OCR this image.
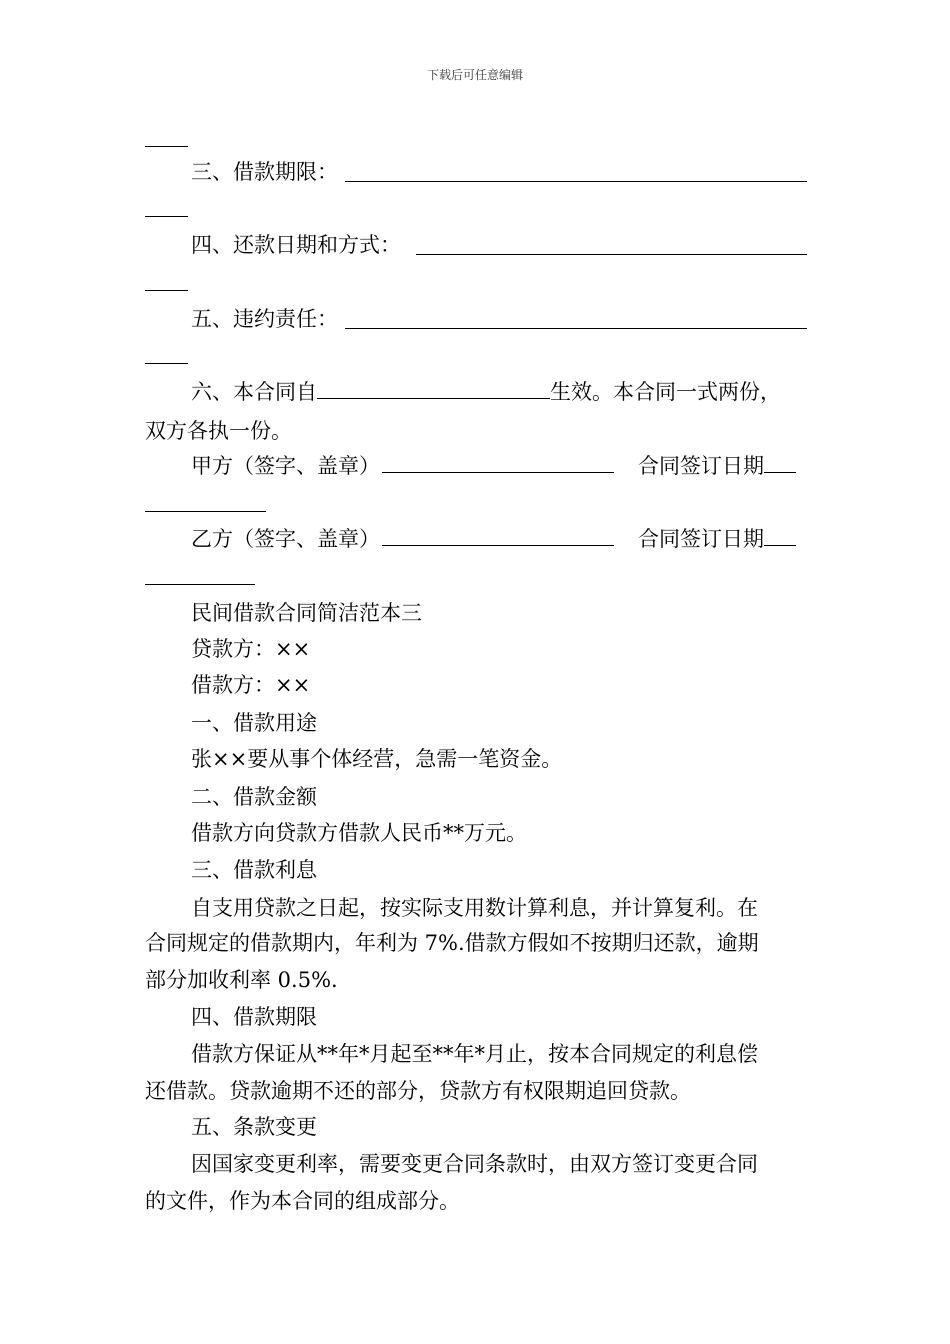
下载后可任意编辑
三、借款期限：
四、还款日期和方式：
五、违约责任：
六、本合同自	生效。本合同一式两份，
双方各执一份。
甲方（签字、盖章）	合同签订日期
乙方（签字、盖章）	合同签订日期
民间借款合同简洁范本三
贷款方：××
借款方：××
一、借款用途
张××要从事个体经营，急需一笔资金。
二、借款金额
借款方向贷款方借款人民币**万元。
三、借款利息
自支用贷款之日起，按实际支用数计算利息，并计算复利。在
合同规定的借款期内，年利为 7%.借款方假如不按期归还款，逾期
部分加收利率 0.5%.
四、借款期限
借款方保证从**年*月起至**年*月止，按本合同规定的利息偿
还借款。贷款逾期不还的部分，贷款方有权限期追回贷款。
五、条款变更
因国家变更利率，需要变更合同条款时，由双方签订变更合同
的文件，作为本合同的组成部分。
